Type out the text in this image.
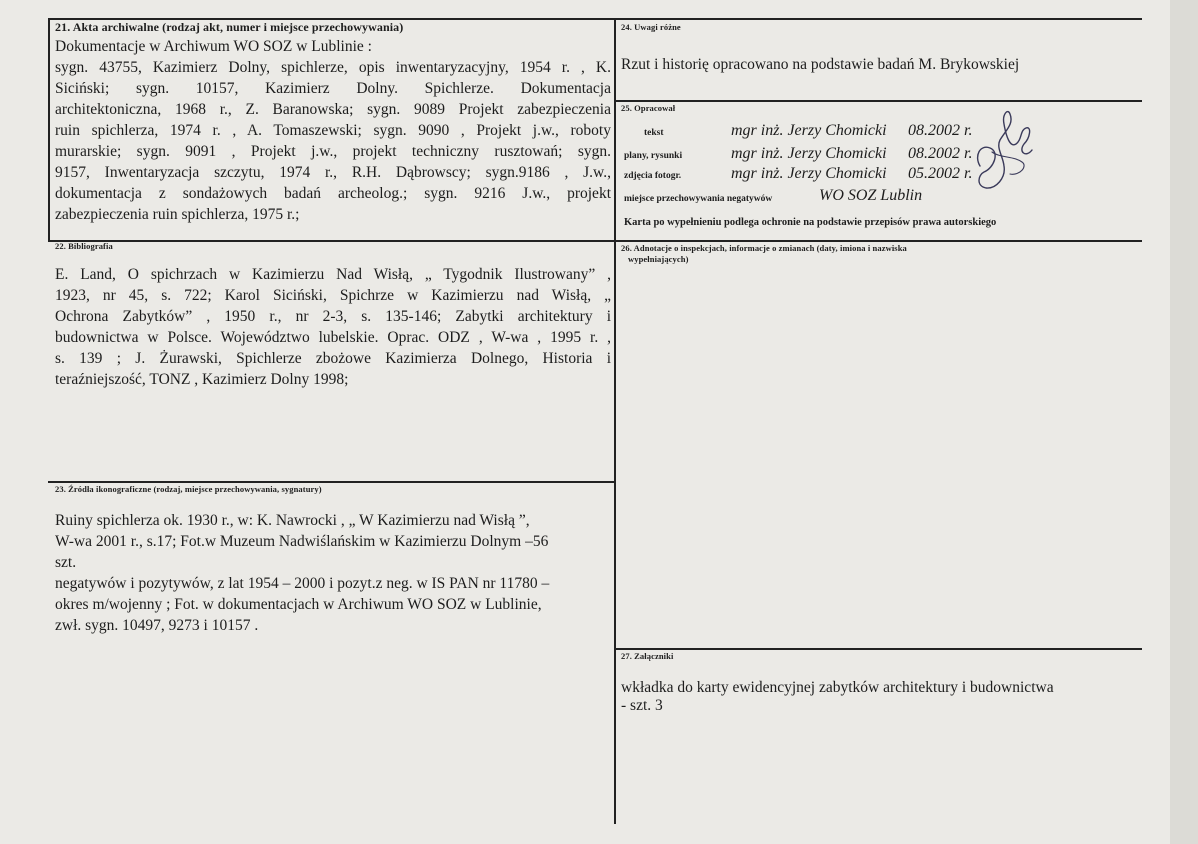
21. Akta archiwalne (rodzaj akt, numer i miejsce przechowywania)
Dokumentacje w Archiwum WO SOZ w Lublinie :
sygn. 43755, Kazimierz Dolny, spichlerze, opis inwentaryzacyjny, 1954 r. , K.
Siciński; sygn. 10157, Kazimierz Dolny. Spichlerze. Dokumentacja
architektoniczna, 1968 r., Z. Baranowska; sygn. 9089 Projekt zabezpieczenia
ruin spichlerza, 1974 r. , A. Tomaszewski; sygn. 9090 , Projekt j.w., roboty
murarskie; sygn. 9091 , Projekt j.w., projekt techniczny rusztowań; sygn.
9157, Inwentaryzacja szczytu, 1974 r., R.H. Dąbrowscy; sygn.9186 , J.w.,
dokumentacja z sondażowych badań archeolog.; sygn. 9216 J.w., projekt
zabezpieczenia ruin spichlerza, 1975 r.;
22. Bibliografia
E. Land, O spichrzach w Kazimierzu Nad Wisłą, „ Tygodnik Ilustrowany” ,
1923, nr 45, s. 722; Karol Siciński, Spichrze w Kazimierzu nad Wisłą, „
Ochrona Zabytków” , 1950 r., nr 2-3, s. 135-146; Zabytki architektury i
budownictwa w Polsce. Województwo lubelskie. Oprac. ODZ , W-wa , 1995 r. ,
s. 139 ; J. Żurawski, Spichlerze zbożowe Kazimierza Dolnego, Historia i
teraźniejszość, TONZ , Kazimierz Dolny 1998;
23. Źródła ikonograficzne (rodzaj, miejsce przechowywania, sygnatury)
Ruiny spichlerza ok. 1930 r., w: K. Nawrocki , „ W Kazimierzu nad Wisłą ”,
W-wa 2001 r., s.17; Fot.w Muzeum Nadwiślańskim w Kazimierzu Dolnym –56
szt.
negatywów i pozytywów, z lat 1954 – 2000 i pozyt.z neg. w IS PAN nr 11780 –
okres m/wojenny ; Fot. w dokumentacjach w Archiwum WO SOZ w Lublinie,
zwł. sygn. 10497, 9273 i 10157 .
24. Uwagi różne
Rzut i historię opracowano na podstawie badań M. Brykowskiej
25. Opracował
tekst	mgr inż. Jerzy Chomicki 08.2002 r.
plany, rysunki	mgr inż. Jerzy Chomicki 08.2002 r.
zdjęcia fotogr.	mgr inż. Jerzy Chomicki 05.2002 r.
miejsce przechowywania negatywów	WO SOZ Lublin
Karta po wypełnieniu podlega ochronie na podstawie przepisów prawa autorskiego
26. Adnotacje o inspekcjach, informacje o zmianach (daty, imiona i nazwiska
wypełniających)
27. Załączniki
wkładka do karty ewidencyjnej zabytków architektury i budownictwa
- szt. 3
